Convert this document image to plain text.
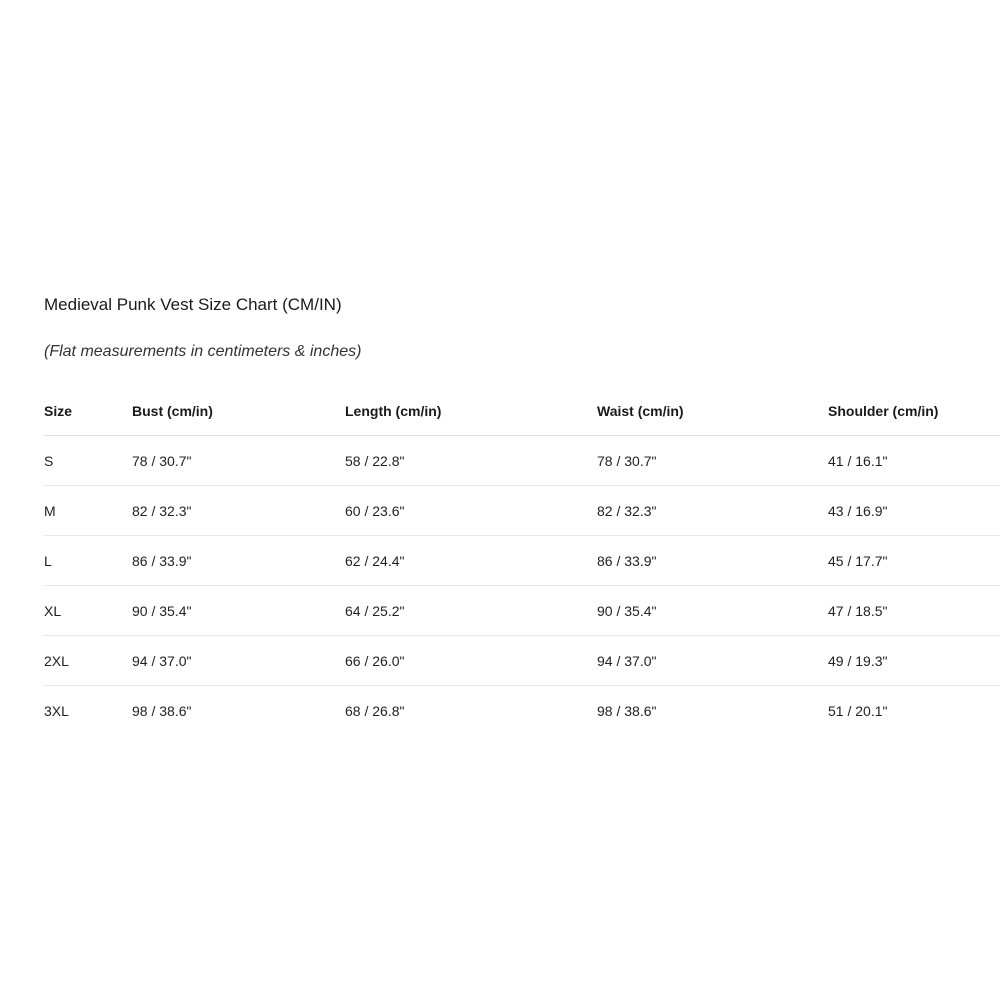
Medieval Punk Vest Size Chart (CM/IN)

(Flat measurements in centimeters & inches)

Size	Bust (cm/in)	Length (cm/in)	Waist (cm/in)	Shoulder (cm/in)
S	78 / 30.7"	58 / 22.8"	78 / 30.7"	41 / 16.1"
M	82 / 32.3"	60 / 23.6"	82 / 32.3"	43 / 16.9"
L	86 / 33.9"	62 / 24.4"	86 / 33.9"	45 / 17.7"
XL	90 / 35.4"	64 / 25.2"	90 / 35.4"	47 / 18.5"
2XL	94 / 37.0"	66 / 26.0"	94 / 37.0"	49 / 19.3"
3XL	98 / 38.6"	68 / 26.8"	98 / 38.6"	51 / 20.1"
